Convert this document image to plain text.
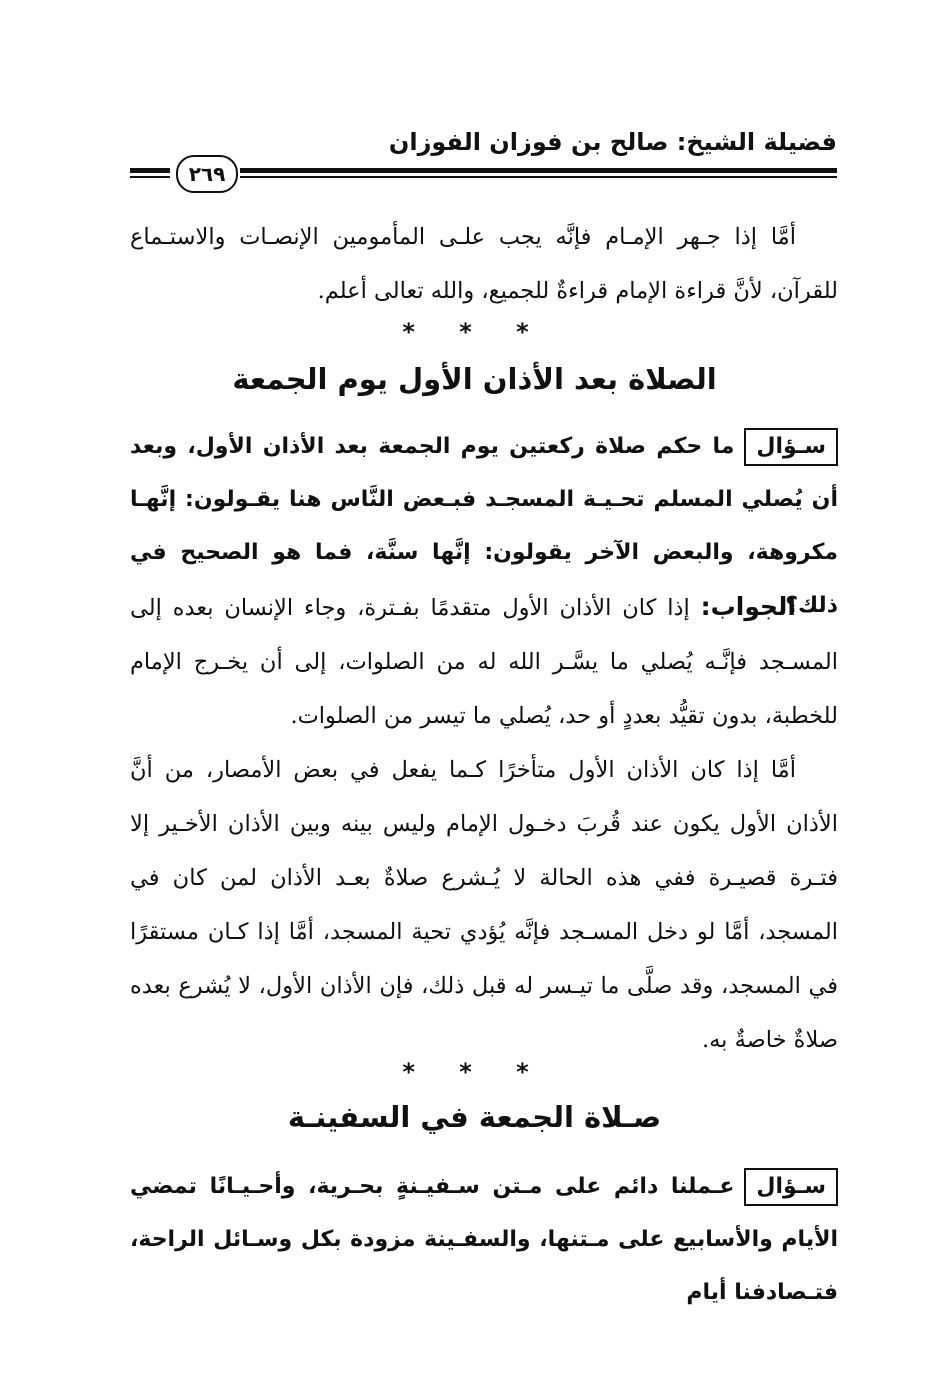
فضيلة الشيخ: صالح بن فوزان الفوزان
٢٦٩

أمَّا إذا جـهر الإمـام فإنَّه يجب علـى المأمومين الإنصـات والاستـماع للقرآن، لأنَّ قراءة الإمام قراءةٌ للجميع، والله تعالى أعلم.

* * *
الصلاة بعد الأذان الأول يوم الجمعة

سـؤالما حكم صلاة ركعتين يوم الجمعة بعد الأذان الأول، وبعد أن يُصلي المسلم تحـيـة المسجـد فبـعض النَّاس هنا يقـولون: إنَّهـا مكروهة، والبعض الآخر يقولون: إنَّها سنَّة، فما هو الصحيح في ذلك؟

الجواب: إذا كان الأذان الأول متقدمًا بفـترة، وجاء الإنسان بعده إلى المسـجد فإنَّـه يُصلي ما يسَّـر الله له من الصلوات، إلى أن يخـرج الإمام للخطبة، بدون تقيُّد بعددٍ أو حد، يُصلي ما تيسر من الصلوات.

أمَّا إذا كان الأذان الأول متأخرًا كـما يفعل في بعض الأمصار، من أنَّ الأذان الأول يكون عند قُربَ دخـول الإمام وليس بينه وبين الأذان الأخـير إلا فتـرة قصيـرة ففي هذه الحالة لا يُـشرع صلاةٌ بعـد الأذان لمن كان في المسجد، أمَّا لو دخل المسـجد فإنَّه يُؤدي تحية المسجد، أمَّا إذا كـان مستقرًا في المسجد، وقد صلَّى ما تيـسر له قبل ذلك، فإن الأذان الأول، لا يُشرع بعده صلاةٌ خاصةٌ به.

* * *
صـلاة الجمعة في السفينـة

سـؤالعـملنا دائم على مـتن سـفيـنةٍ بحـرية، وأحـيـانًا تمضي الأيام والأسابيع على مـتنها، والسفـينة مزودة بكل وسـائل الراحة، فتـصادفنا أيام
